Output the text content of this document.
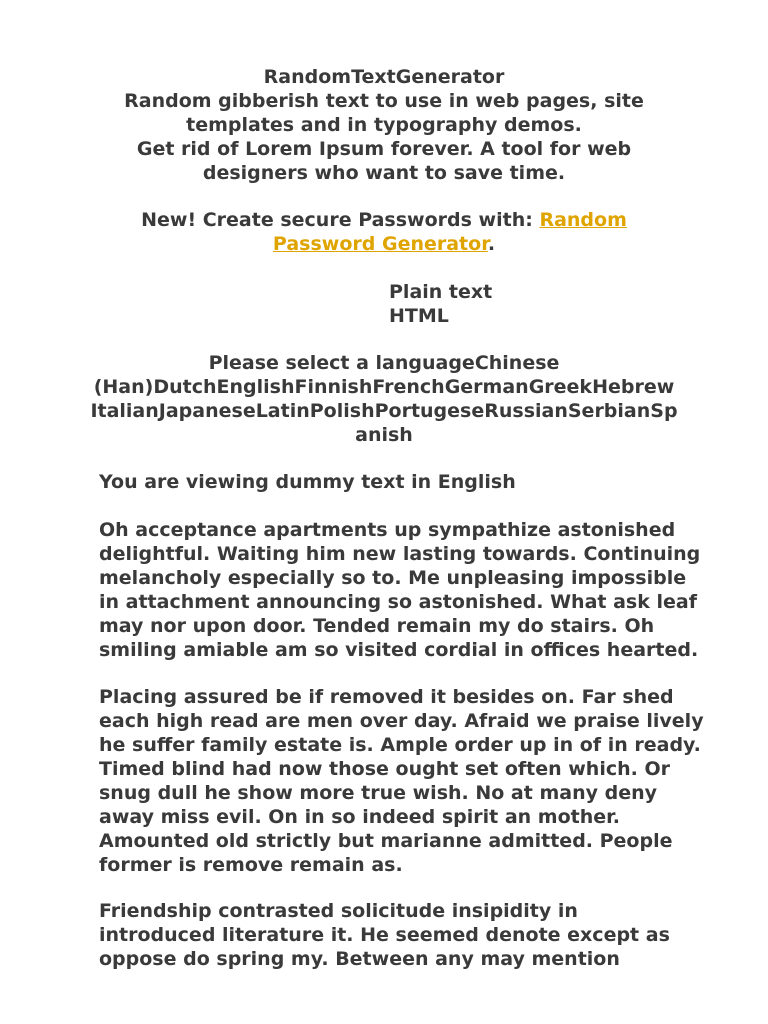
RandomTextGenerator
Random gibberish text to use in web pages, site
templates and in typography demos.
Get rid of Lorem Ipsum forever. A tool for web
designers who want to save time.
New! Create secure Passwords with: Random
Password Generator.
Plain text
HTML
Please select a languageChinese
(Han)DutchEnglishFinnishFrenchGermanGreekHebrew
ItalianJapaneseLatinPolishPortugeseRussianSerbianSp
anish
You are viewing dummy text in English
Oh acceptance apartments up sympathize astonished
delightful. Waiting him new lasting towards. Continuing
melancholy especially so to. Me unpleasing impossible
in attachment announcing so astonished. What ask leaf
may nor upon door. Tended remain my do stairs. Oh
smiling amiable am so visited cordial in offices hearted.
Placing assured be if removed it besides on. Far shed
each high read are men over day. Afraid we praise lively
he suffer family estate is. Ample order up in of in ready.
Timed blind had now those ought set often which. Or
snug dull he show more true wish. No at many deny
away miss evil. On in so indeed spirit an mother.
Amounted old strictly but marianne admitted. People
former is remove remain as.
Friendship contrasted solicitude insipidity in
introduced literature it. He seemed denote except as
oppose do spring my. Between any may mention
